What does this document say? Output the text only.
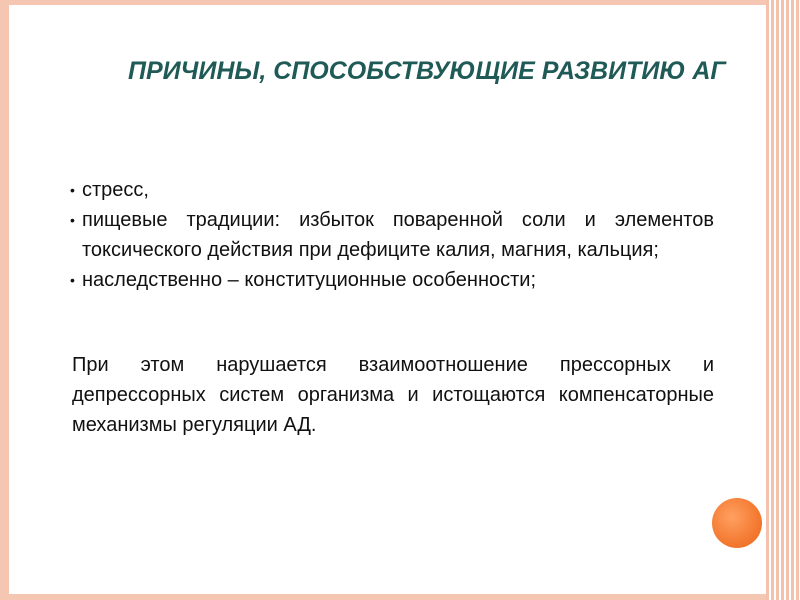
ПРИЧИНЫ, СПОСОБСТВУЮЩИЕ РАЗВИТИЮ АГ
• стресс,
• пищевые традиции: избыток поваренной соли и элементов токсического действия при дефиците калия, магния, кальция;
• наследственно – конституционные особенности;

При этом нарушается взаимоотношение прессорных и депрессорных систем организма и истощаются компенсаторные механизмы регуляции АД.
